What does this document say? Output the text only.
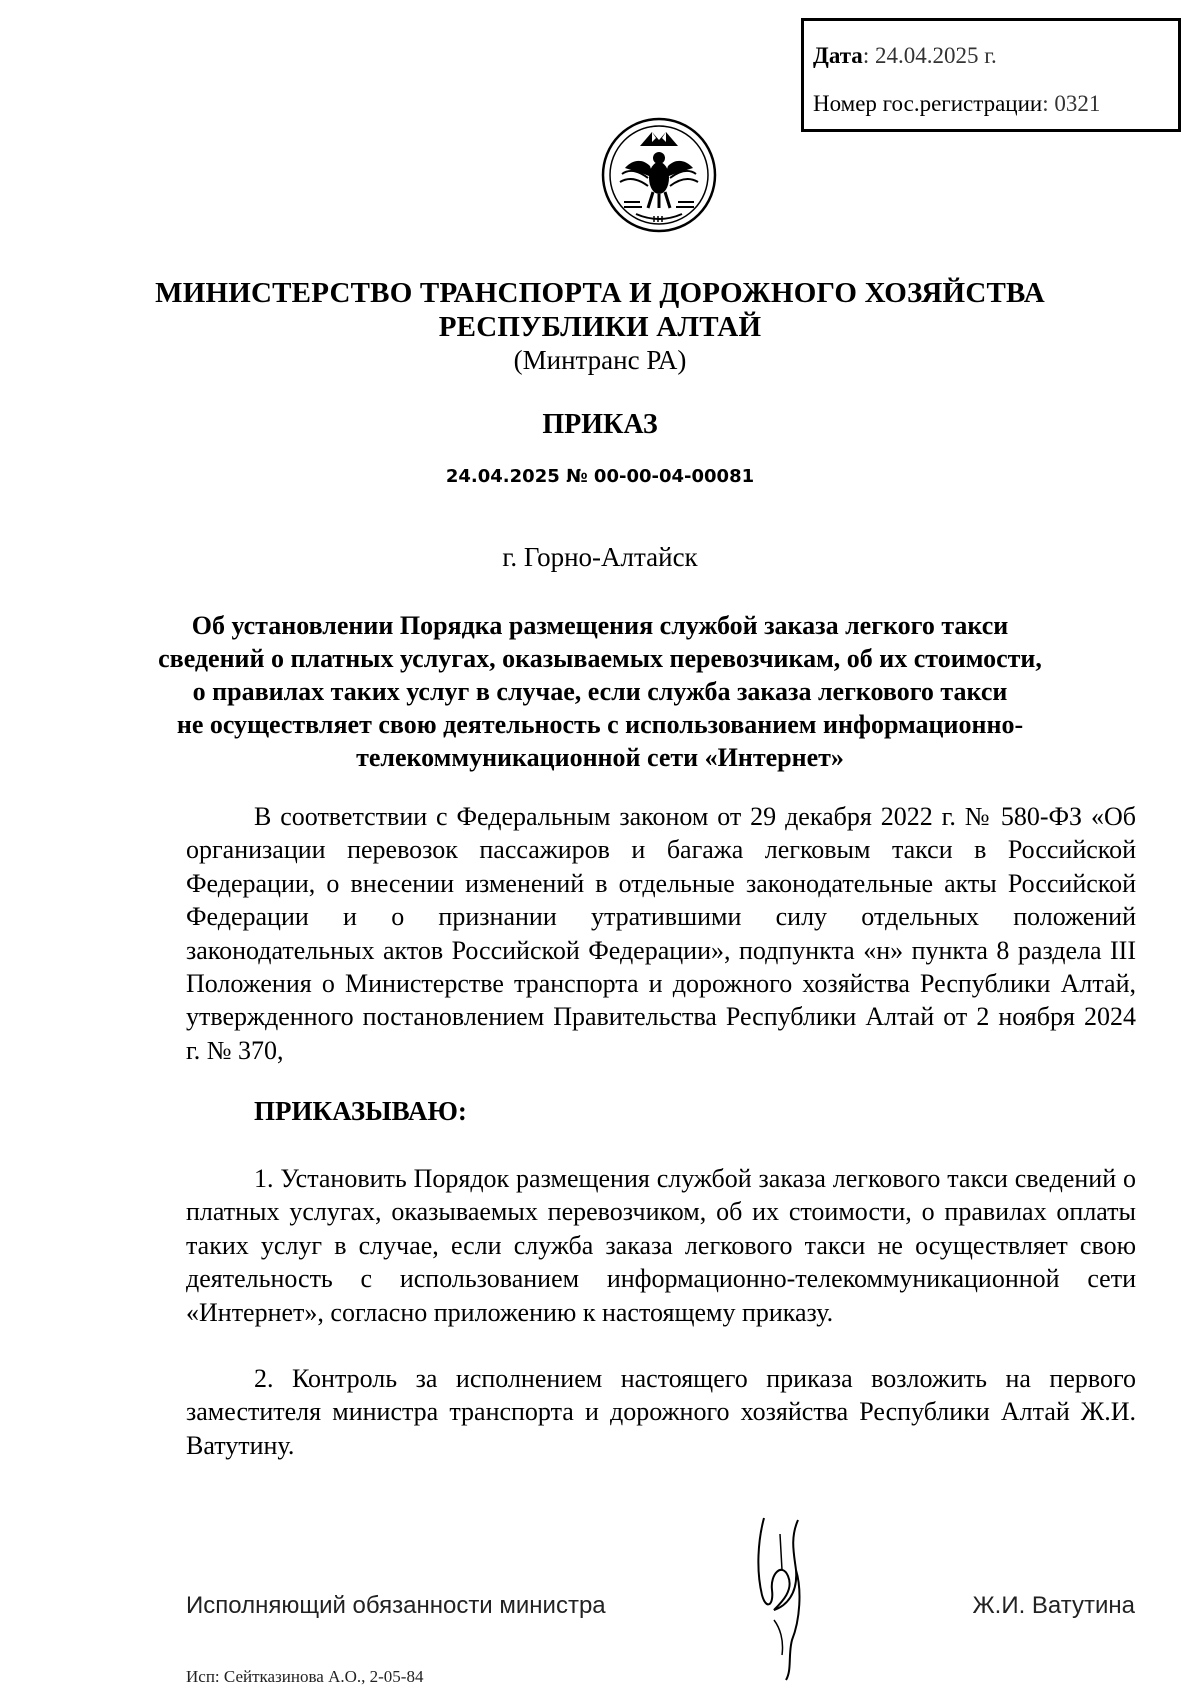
Дата: 24.04.2025 г.
Номер гос.регистрации: 0321
МИНИСТЕРСТВО ТРАНСПОРТА И ДОРОЖНОГО ХОЗЯЙСТВА
РЕСПУБЛИКИ АЛТАЙ
(Минтранс РА)
ПРИКАЗ
24.04.2025 № 00-00-04-00081
г. Горно-Алтайск
Об установлении Порядка размещения службой заказа легкого такси
сведений о платных услугах, оказываемых перевозчикам, об их стоимости,
о правилах таких услуг в случае, если служба заказа легкового такси
не осуществляет свою деятельность с использованием информационно-
телекоммуникационной сети «Интернет»

В соответствии с Федеральным законом от 29 декабря 2022 г. № 580-ФЗ «Об организации перевозок пассажиров и багажа легковым такси в Российской Федерации, о внесении изменений в отдельные законодательные акты Российской Федерации и о признании утратившими силу отдельных положений законодательных актов Российской Федерации», подпункта «н» пункта 8 раздела III Положения о Министерстве транспорта и дорожного хозяйства Республики Алтай, утвержденного постановлением Правительства Республики Алтай от 2 ноября 2024 г. № 370,

ПРИКАЗЫВАЮ:

1. Установить Порядок размещения службой заказа легкового такси сведений о платных услугах, оказываемых перевозчиком, об их стоимости, о правилах оплаты таких услуг в случае, если служба заказа легкового такси не осуществляет свою деятельность с использованием информационно-телекоммуникационной сети «Интернет», согласно приложению к настоящему приказу.

2. Контроль за исполнением настоящего приказа возложить на первого заместителя министра транспорта и дорожного хозяйства Республики Алтай Ж.И. Ватутину.

Исполняющий обязанности министра	Ж.И. Ватутина
Исп: Сейтказинова А.О., 2-05-84
